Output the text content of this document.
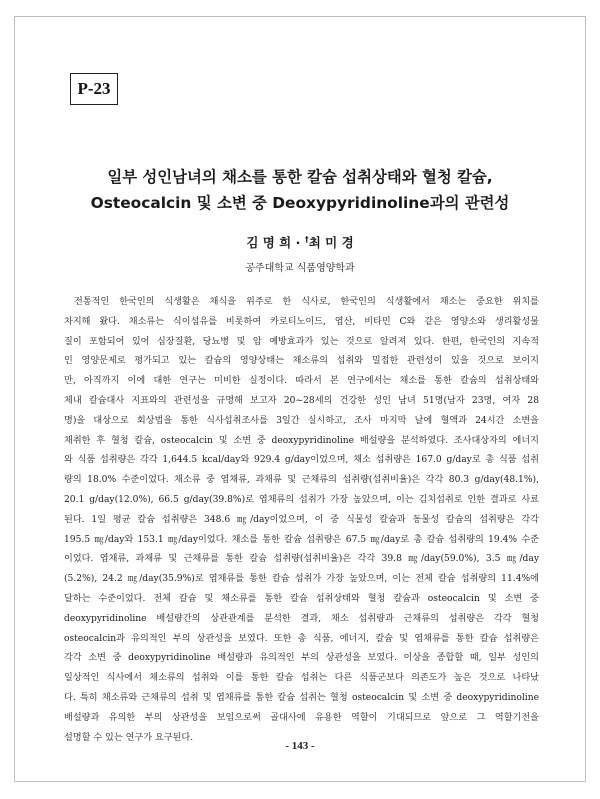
P-23
일부 성인남녀의 채소를 통한 칼슘 섭취상태와 혈청 칼슘,
Osteocalcin 및 소변 중 Deoxypyridinoline과의 관련성
김 명 희 · †최 미 경
공주대학교 식품영양학과
전통적인 한국인의 식생활은 채식을 위주로 한 식사로, 한국인의 식생활에서 채소는 중요한 위치를
차지해 왔다. 채소류는 식이섬유를 비롯하여 카로티노이드, 엽산, 비타민 C와 같은 영양소와 생리활성물
질이 포함되어 있어 심장질환, 당뇨병 및 암 예방효과가 있는 것으로 알려져 있다. 한편, 한국인의 지속적
인 영양문제로 평가되고 있는 칼슘의 영양상태는 채소류의 섭취와 밀접한 관련성이 있을 것으로 보이지
만, 아직까지 이에 대한 연구는 미비한 실정이다. 따라서 본 연구에서는 채소를 통한 칼슘의 섭취상태와
체내 칼슘대사 지표와의 관련성을 규명해 보고자 20~28세의 건강한 성인 남녀 51명(남자 23명, 여자 28
명)을 대상으로 회상법을 통한 식사섭취조사를 3일간 실시하고, 조사 마지막 날에 혈액과 24시간 소변을
채취한 후 혈청 칼슘, osteocalcin 및 소변 중 deoxypyridinoline 배설량을 분석하였다. 조사대상자의 에너지
와 식품 섭취량은 각각 1,644.5 kcal/day와 929.4 g/day이었으며, 채소 섭취량은 167.0 g/day로 총 식품 섭취
량의 18.0% 수준이었다. 채소류 중 엽채류, 과채류 및 근채류의 섭취량(섭취비율)은 각각 80.3 g/day(48.1%),
20.1 g/day(12.0%), 66.5 g/day(39.8%)로 엽채류의 섭취가 가장 높았으며, 이는 김치섭취로 인한 결과로 사료
된다. 1일 평균 칼슘 섭취량은 348.6 ㎎/day이었으며, 이 중 식물성 칼슘과 동물성 칼슘의 섭취량은 각각
195.5 ㎎/day와 153.1 ㎎/day이었다. 채소를 통한 칼슘 섭취량은 67.5 ㎎/day로 총 칼슘 섭취량의 19.4% 수준
이었다. 엽채류, 과채류 및 근채류를 통한 칼슘 섭취량(섭취비율)은 각각 39.8 ㎎/day(59.0%), 3.5 ㎎/day
(5.2%), 24.2 ㎎/day(35.9%)로 엽채류를 통한 칼슘 섭취가 가장 높았으며, 이는 전체 칼슘 섭취량의 11.4%에
달하는 수준이었다. 전체 칼슘 및 채소류를 통한 칼슘 섭취상태와 혈청 칼슘과 osteocalcin 및 소변 중
deoxypyridinoline 배설량간의 상관관계를 분석한 결과, 채소 섭취량과 근채류의 섭취량은 각각 혈청
osteocalcin과 유의적인 부의 상관성을 보였다. 또한 총 식품, 에너지, 칼슘 및 엽채류를 통한 칼슘 섭취량은
각각 소변 중 deoxypyridinoline 배설량과 유의적인 부의 상관성을 보였다. 이상을 종합할 때, 일부 성인의
일상적인 식사에서 채소류의 섭취와 이를 통한 칼슘 섭취는 다른 식품군보다 의존도가 높은 것으로 나타났
다. 특히 채소류와 근채류의 섭취 및 엽채류를 통한 칼슘 섭취는 혈청 osteocalcin 및 소변 중 deoxypyridinoline
배설량과 유의한 부의 상관성을 보임으로써 골대사에 유용한 역할이 기대되므로 앞으로 그 역할기전을
설명할 수 있는 연구가 요구된다.
- 143 -
